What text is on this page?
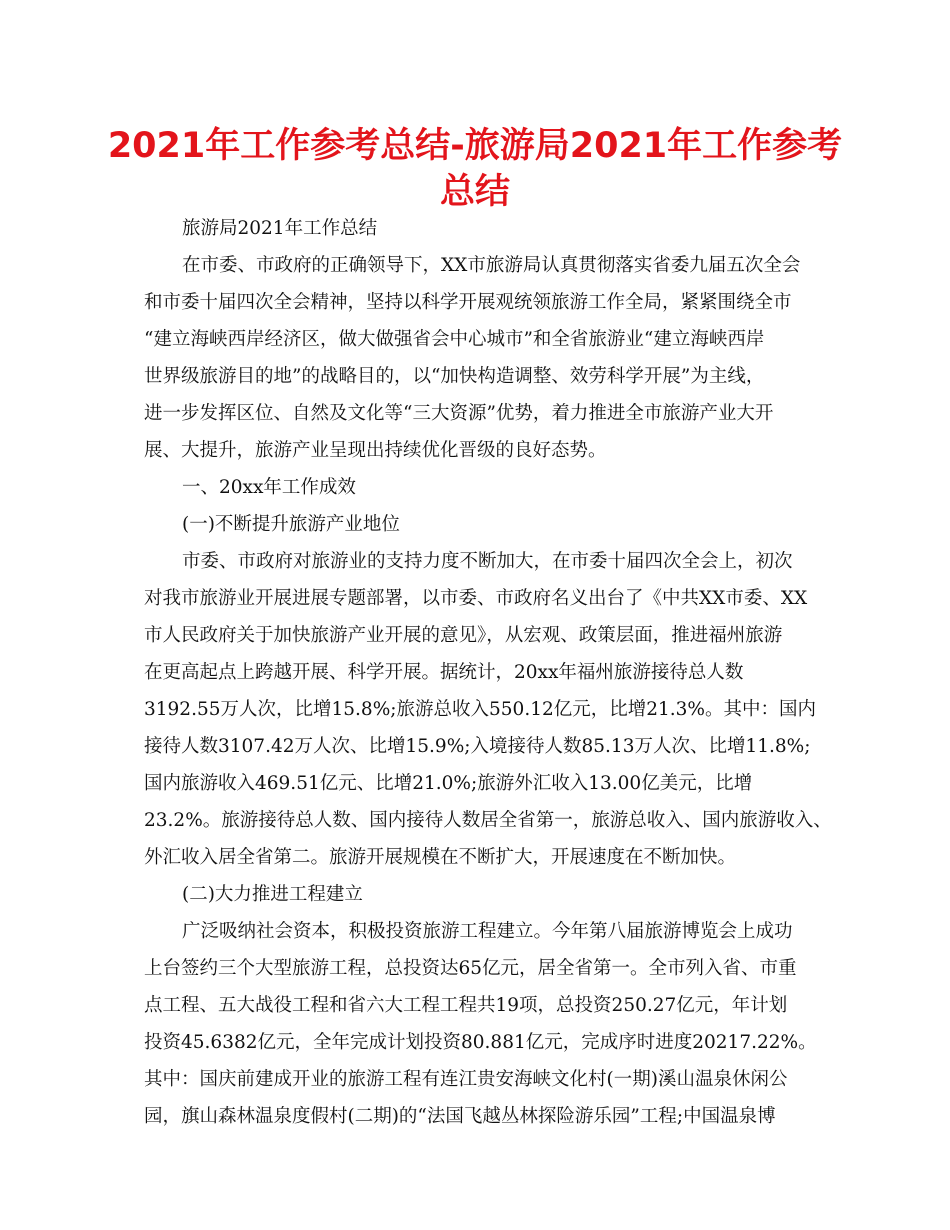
2021年工作参考总结-旅游局2021年工作参考
总结
旅游局2021年工作总结
在市委、市政府的正确领导下，XX市旅游局认真贯彻落实省委九届五次全会
和市委十届四次全会精神，坚持以科学开展观统领旅游工作全局，紧紧围绕全市
“建立海峡西岸经济区，做大做强省会中心城市”和全省旅游业“建立海峡西岸
世界级旅游目的地”的战略目的，以“加快构造调整、效劳科学开展”为主线，
进一步发挥区位、自然及文化等“三大资源”优势，着力推进全市旅游产业大开
展、大提升，旅游产业呈现出持续优化晋级的良好态势。
一、20xx年工作成效
(一)不断提升旅游产业地位
市委、市政府对旅游业的支持力度不断加大，在市委十届四次全会上，初次
对我市旅游业开展进展专题部署，以市委、市政府名义出台了《中共XX市委、XX
市人民政府关于加快旅游产业开展的意见》，从宏观、政策层面，推进福州旅游
在更高起点上跨越开展、科学开展。据统计，20xx年福州旅游接待总人数
3192.55万人次，比增15.8%;旅游总收入550.12亿元，比增21.3%。其中：国内
接待人数3107.42万人次、比增15.9%;入境接待人数85.13万人次、比增11.8%;
国内旅游收入469.51亿元、比增21.0%;旅游外汇收入13.00亿美元，比增
23.2%。旅游接待总人数、国内接待人数居全省第一，旅游总收入、国内旅游收入、
外汇收入居全省第二。旅游开展规模在不断扩大，开展速度在不断加快。
(二)大力推进工程建立
广泛吸纳社会资本，积极投资旅游工程建立。今年第八届旅游博览会上成功
上台签约三个大型旅游工程，总投资达65亿元，居全省第一。全市列入省、市重
点工程、五大战役工程和省六大工程工程共19项，总投资250.27亿元，年计划
投资45.6382亿元，全年完成计划投资80.881亿元，完成序时进度20217.22%。
其中：国庆前建成开业的旅游工程有连江贵安海峡文化村(一期)溪山温泉休闲公
园，旗山森林温泉度假村(二期)的“法国飞越丛林探险游乐园”工程;中国温泉博
